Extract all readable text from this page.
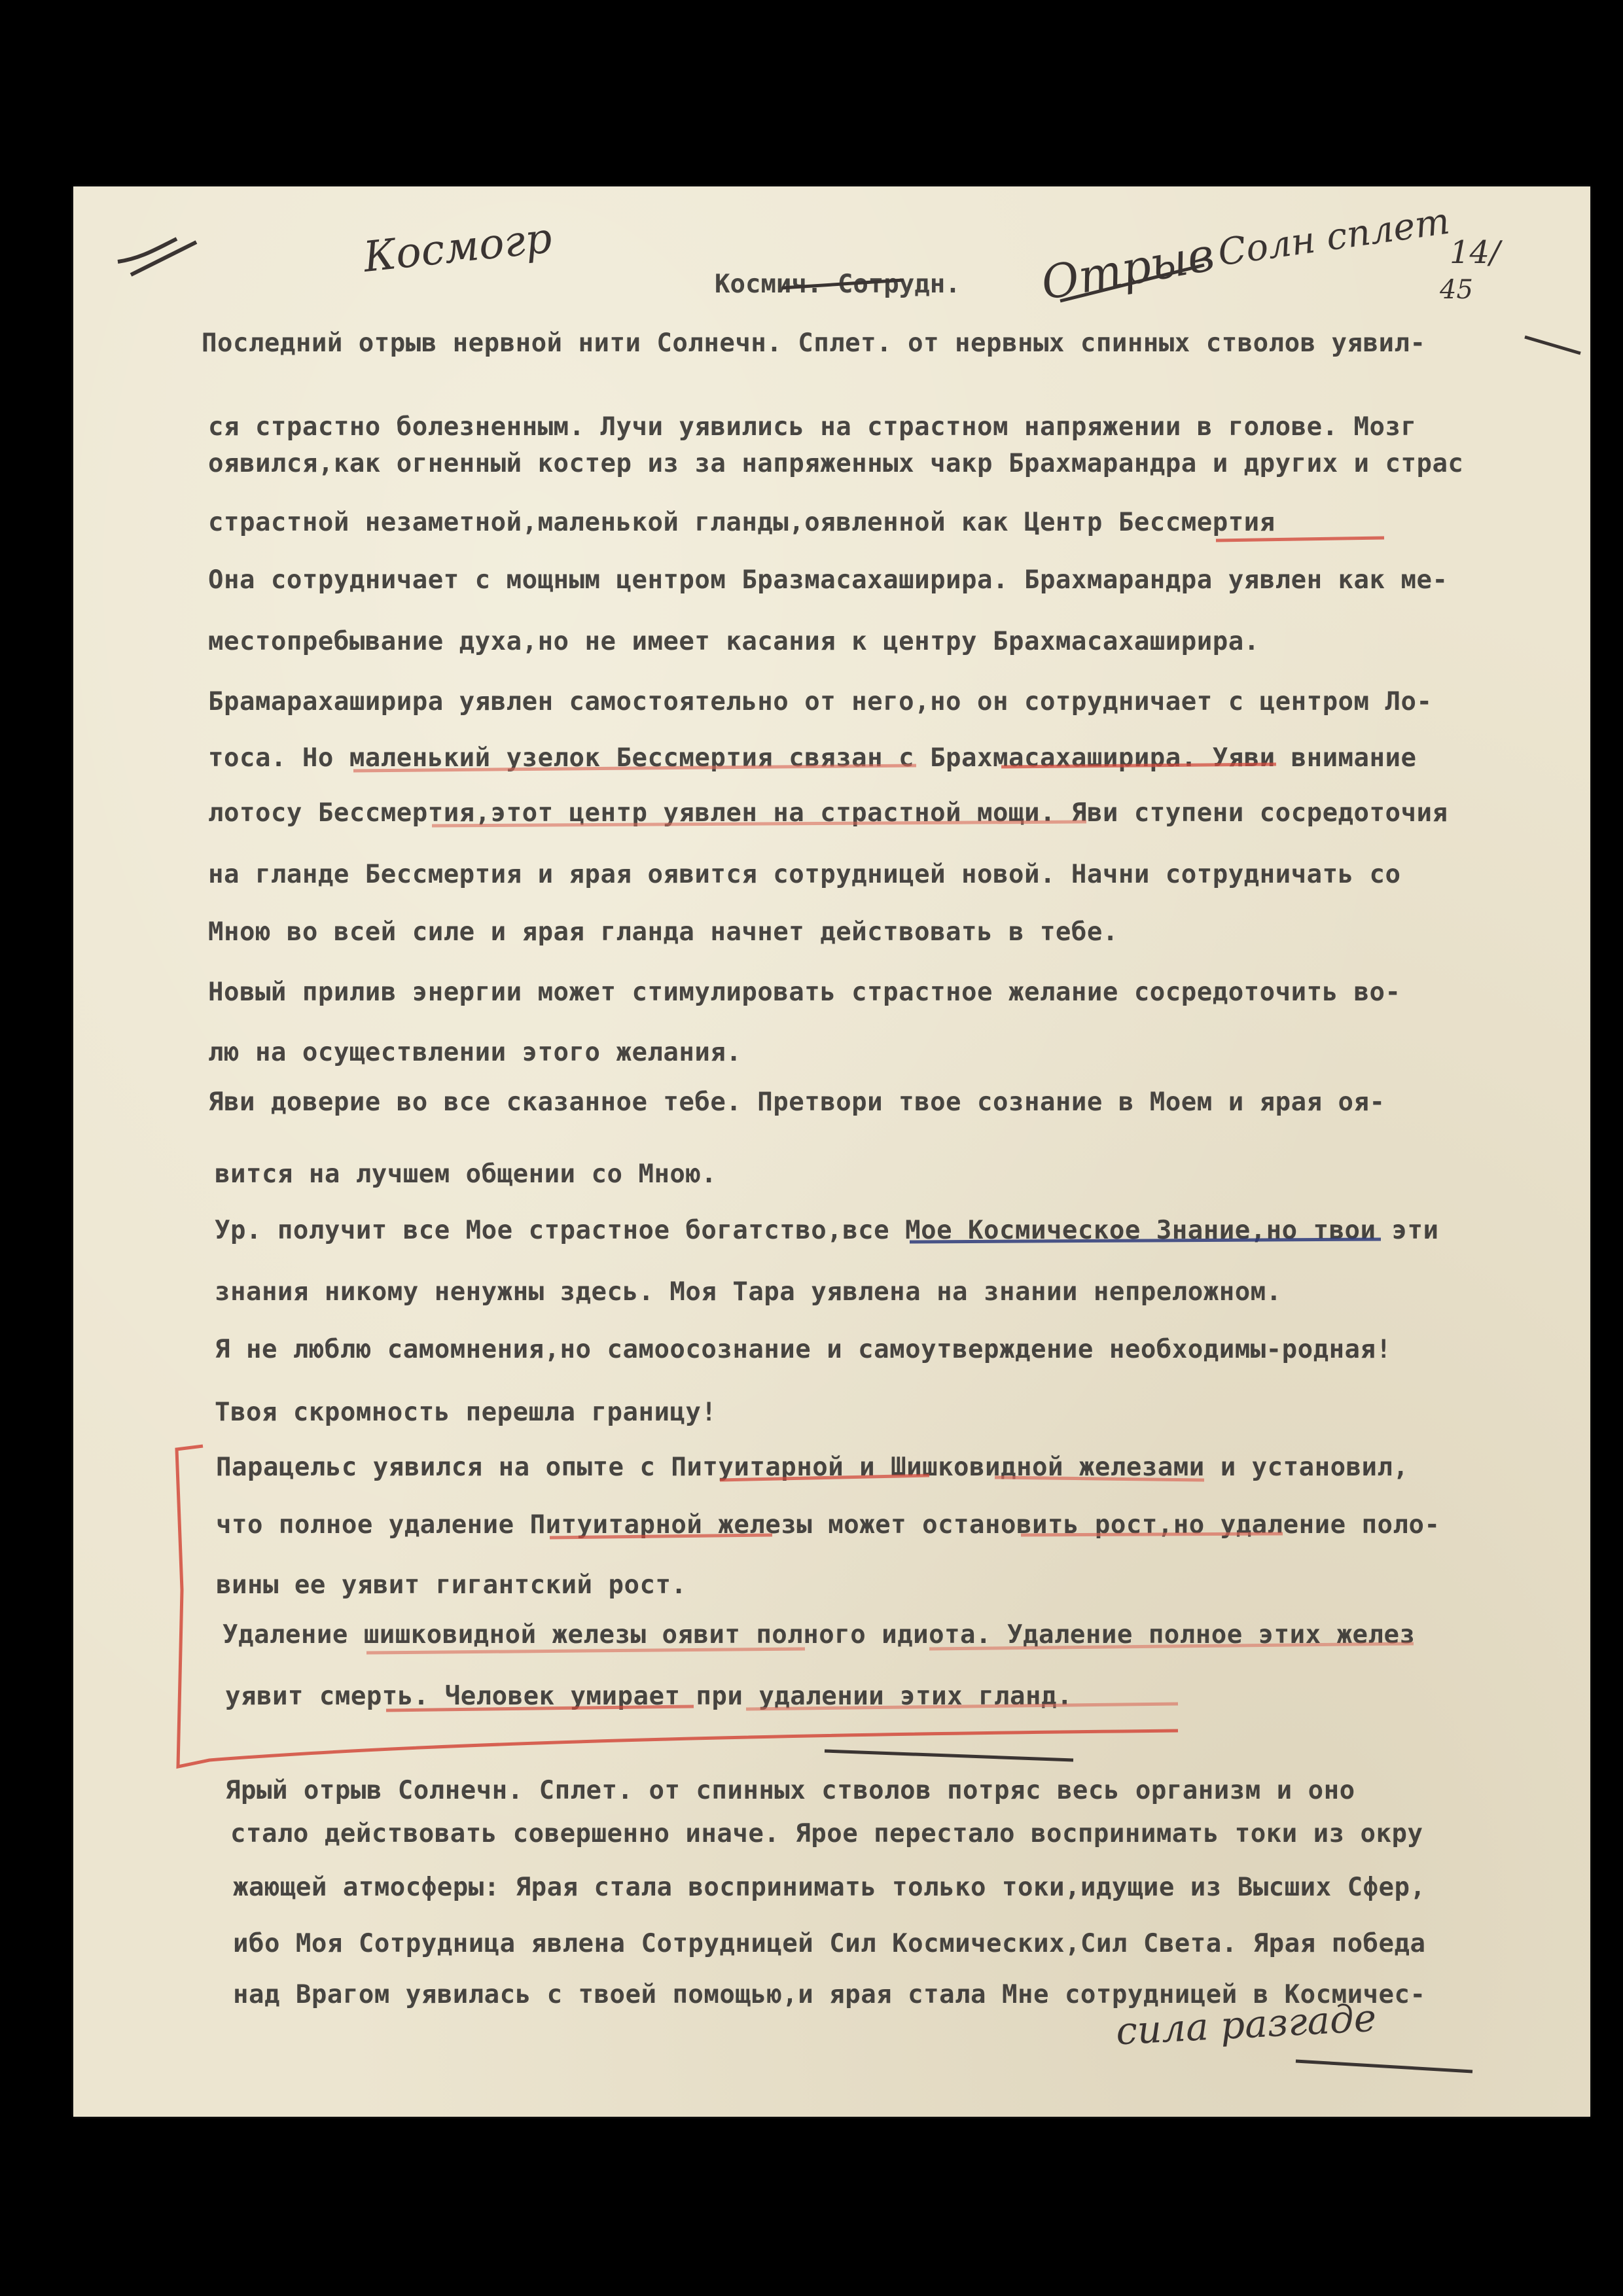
Космогр	Отрыв
Солн сплет
14/
45
сила разгаде
Космич. Сотрудн.
Последний отрыв нервной нити Солнечн. Сплет. от нервных спинных стволов уявил-
ся страстно болезненным. Лучи уявились на страстном напряжении в голове. Мозг
оявился,как огненный костер из за напряженных чакр Брахмарандра и других и страс
страстной незаметной,маленькой гланды,оявленной как Центр Бессмертия
Она сотрудничает с мощным центром Бразмасахаширира. Брахмарандра уявлен как ме-
местопребывание духа,но не имеет касания к центру Брахмасахаширира.
Брамарахаширира уявлен самостоятельно от него,но он сотрудничает с центром Ло-
тоса. Но маленький узелок Бессмертия связан с Брахмасахаширира. Уяви внимание
лотосу Бессмертия,этот центр уявлен на страстной мощи. Яви ступени сосредоточия
на гланде Бессмертия и ярая оявится сотрудницей новой. Начни сотрудничать со
Мною во всей силе и ярая гланда начнет действовать в тебе.
Новый прилив энергии может стимулировать страстное желание сосредоточить во-
лю на осуществлении этого желания.
Яви доверие во все сказанное тебе. Претвори твое сознание в Моем и ярая оя-
вится на лучшем общении со Мною.
Ур. получит все Мое страстное богатство,все Мое Космическое Знание,но твои эти
знания никому ненужны здесь. Моя Тара уявлена на знании непреложном.
Я не люблю самомнения,но самоосознание и самоутверждение необходимы-родная!
Твоя скромность перешла границу!
Парацельс уявился на опыте с Питуитарной и Шишковидной железами и установил,
что полное удаление Питуитарной железы может остановить рост,но удаление поло-
вины ее уявит гигантский рост.
Удаление шишковидной железы оявит полного идиота. Удаление полное этих желез
уявит смерть. Человек умирает при удалении этих гланд.
Ярый отрыв Солнечн. Сплет. от спинных стволов потряс весь организм и оно
стало действовать совершенно иначе. Ярое перестало воспринимать токи из окру
жающей атмосферы: Ярая стала воспринимать только токи,идущие из Высших Сфер,
ибо Моя Сотрудница явлена Сотрудницей Сил Космических,Сил Света. Ярая победа
над Врагом уявилась с твоей помощью,и ярая стала Мне сотрудницей в Космичес-
